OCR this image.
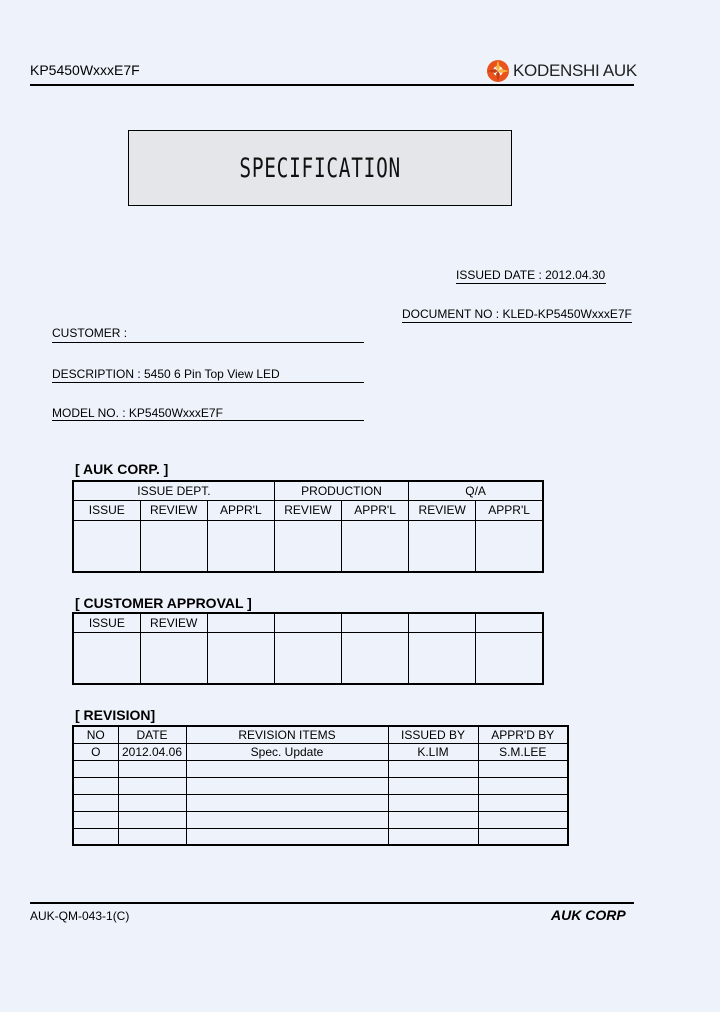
KP5450WxxxE7F	KODENSHI AUK
SPECIFICATION
ISSUED DATE : 2012.04.30
DOCUMENT NO : KLED-KP5450WxxxE7F
CUSTOMER :
DESCRIPTION : 5450 6 Pin Top View LED
MODEL NO. : KP5450WxxxE7F
[ AUK CORP. ]
ISSUE DEPT.			PRODUCTION		Q/A	
ISSUE	REVIEW	APPR'L	REVIEW	APPR'L	REVIEW	APPR'L

[ CUSTOMER APPROVAL ]
ISSUE	REVIEW					

[ REVISION]
NO	DATE	REVISION ITEMS	ISSUED BY	APPR'D BY
O	2012.04.06	Spec. Update	K.LIM	S.M.LEE

AUK-QM-043-1(C)	AUK CORP
